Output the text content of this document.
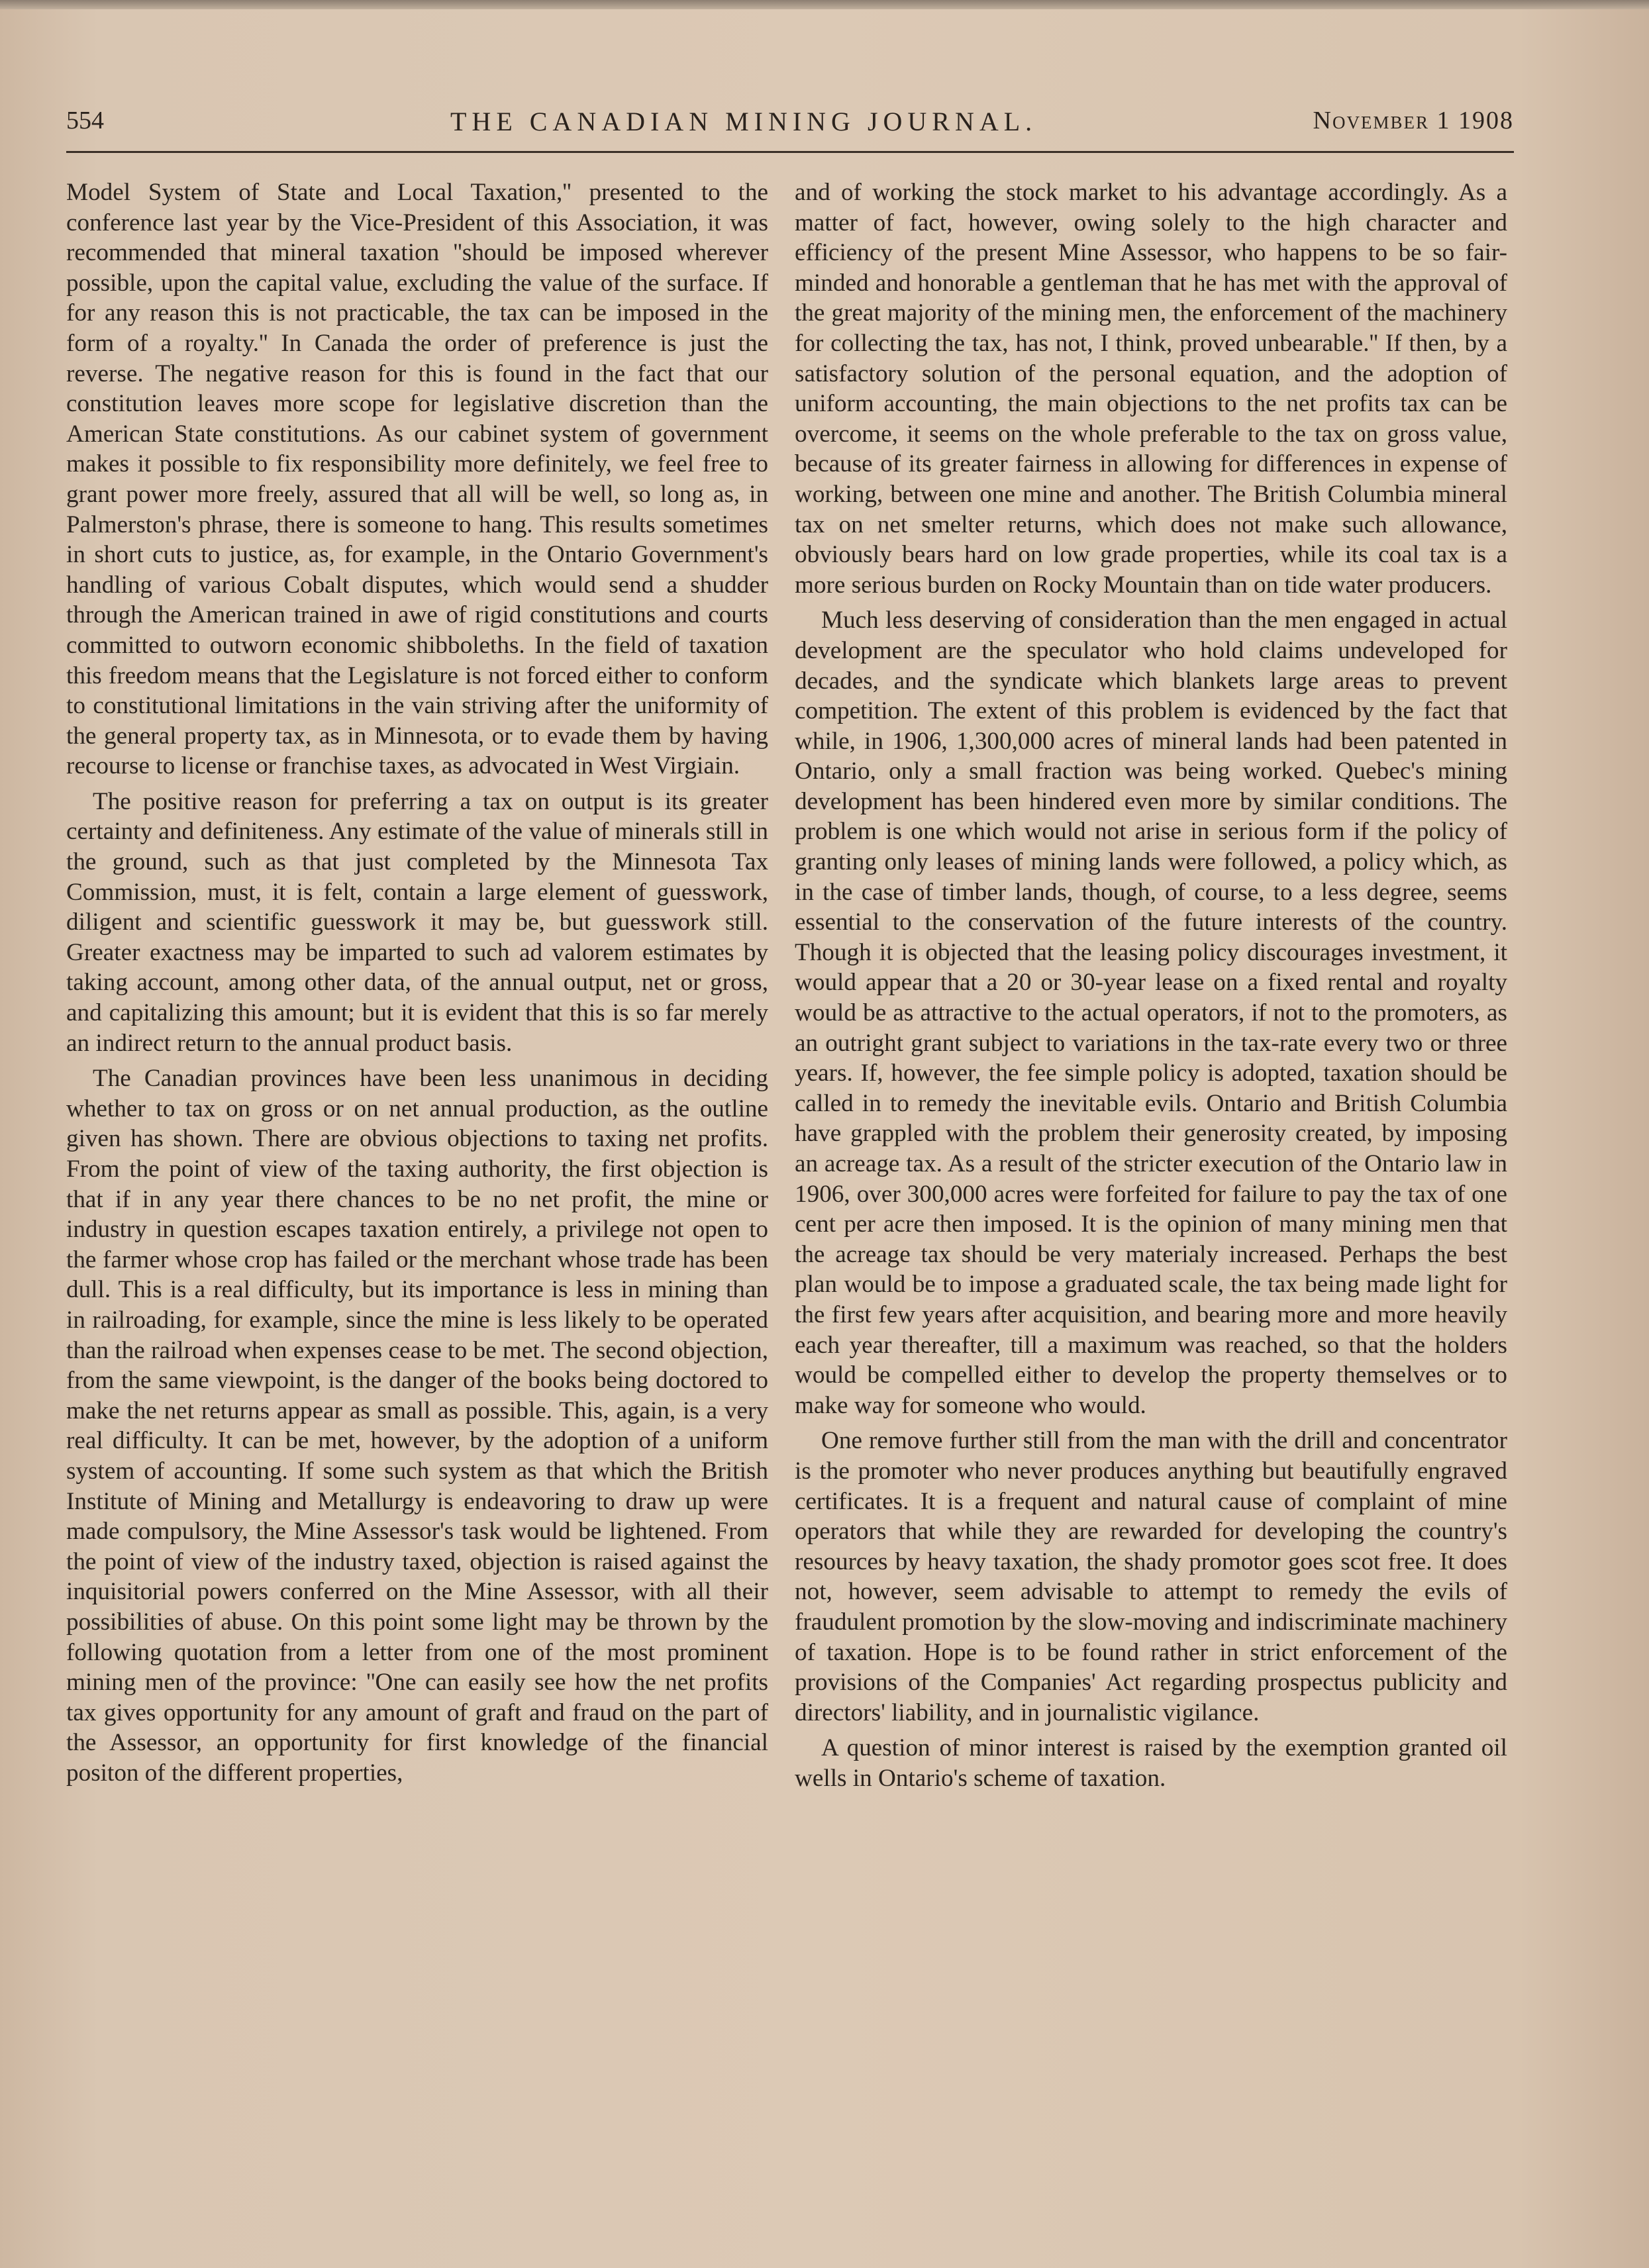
554	THE CANADIAN MINING JOURNAL.	November 1 1908

Model System of State and Local Taxation,'' presented to the conference last year by the Vice-President of this Association, it was recommended that mineral taxation ''should be imposed wherever possible, upon the capital value, excluding the value of the surface. If for any reason this is not practicable, the tax can be imposed in the form of a royalty.'' In Canada the order of preference is just the reverse. The negative reason for this is found in the fact that our constitution leaves more scope for legislative discretion than the American State constitutions. As our cabinet system of government makes it possible to fix responsibility more definitely, we feel free to grant power more freely, assured that all will be well, so long as, in Palmerston's phrase, there is someone to hang. This results sometimes in short cuts to justice, as, for example, in the Ontario Government's handling of various Cobalt disputes, which would send a shudder through the American trained in awe of rigid constitutions and courts committed to outworn economic shibboleths. In the field of taxation this freedom means that the Legislature is not forced either to conform to constitutional limitations in the vain striving after the uniformity of the general property tax, as in Minnesota, or to evade them by having recourse to license or franchise taxes, as advocated in West Virgiain.

The positive reason for preferring a tax on output is its greater certainty and definiteness. Any estimate of the value of minerals still in the ground, such as that just completed by the Minnesota Tax Commission, must, it is felt, contain a large element of guesswork, diligent and scientific guesswork it may be, but guesswork still. Greater exactness may be imparted to such ad valorem estimates by taking account, among other data, of the annual output, net or gross, and capitalizing this amount; but it is evident that this is so far merely an indirect return to the annual product basis.

The Canadian provinces have been less unanimous in deciding whether to tax on gross or on net annual production, as the outline given has shown. There are obvious objections to taxing net profits. From the point of view of the taxing authority, the first objection is that if in any year there chances to be no net profit, the mine or industry in question escapes taxation entirely, a privilege not open to the farmer whose crop has failed or the merchant whose trade has been dull. This is a real difficulty, but its importance is less in mining than in railroading, for example, since the mine is less likely to be operated than the railroad when expenses cease to be met. The second objection, from the same viewpoint, is the danger of the books being doctored to make the net returns appear as small as possible. This, again, is a very real difficulty. It can be met, however, by the adoption of a uniform system of accounting. If some such system as that which the British Institute of Mining and Metallurgy is endeavoring to draw up were made compulsory, the Mine Assessor's task would be lightened. From the point of view of the industry taxed, objection is raised against the inquisitorial powers conferred on the Mine Assessor, with all their possibilities of abuse. On this point some light may be thrown by the following quotation from a letter from one of the most prominent mining men of the province: ''One can easily see how the net profits tax gives opportunity for any amount of graft and fraud on the part of the Assessor, an opportunity for first knowledge of the financial positon of the different properties,

and of working the stock market to his advantage accordingly. As a matter of fact, however, owing solely to the high character and efficiency of the present Mine Assessor, who happens to be so fair-minded and honorable a gentleman that he has met with the approval of the great majority of the mining men, the enforcement of the machinery for collecting the tax, has not, I think, proved unbearable.'' If then, by a satisfactory solution of the personal equation, and the adoption of uniform accounting, the main objections to the net profits tax can be overcome, it seems on the whole preferable to the tax on gross value, because of its greater fairness in allowing for differences in expense of working, between one mine and another. The British Columbia mineral tax on net smelter returns, which does not make such allowance, obviously bears hard on low grade properties, while its coal tax is a more serious burden on Rocky Mountain than on tide water producers.

Much less deserving of consideration than the men engaged in actual development are the speculator who hold claims undeveloped for decades, and the syndicate which blankets large areas to prevent competition. The extent of this problem is evidenced by the fact that while, in 1906, 1,300,000 acres of mineral lands had been patented in Ontario, only a small fraction was being worked. Quebec's mining development has been hindered even more by similar conditions. The problem is one which would not arise in serious form if the policy of granting only leases of mining lands were followed, a policy which, as in the case of timber lands, though, of course, to a less degree, seems essential to the conservation of the future interests of the country. Though it is objected that the leasing policy discourages investment, it would appear that a 20 or 30-year lease on a fixed rental and royalty would be as attractive to the actual operators, if not to the promoters, as an outright grant subject to variations in the tax-rate every two or three years. If, however, the fee simple policy is adopted, taxation should be called in to remedy the inevitable evils. Ontario and British Columbia have grappled with the problem their generosity created, by imposing an acreage tax. As a result of the stricter execution of the Ontario law in 1906, over 300,000 acres were forfeited for failure to pay the tax of one cent per acre then imposed. It is the opinion of many mining men that the acreage tax should be very materialy increased. Perhaps the best plan would be to impose a graduated scale, the tax being made light for the first few years after acquisition, and bearing more and more heavily each year thereafter, till a maximum was reached, so that the holders would be compelled either to develop the property themselves or to make way for someone who would.

One remove further still from the man with the drill and concentrator is the promoter who never produces anything but beautifully engraved certificates. It is a frequent and natural cause of complaint of mine operators that while they are rewarded for developing the country's resources by heavy taxation, the shady promotor goes scot free. It does not, however, seem advisable to attempt to remedy the evils of fraudulent promotion by the slow-moving and indiscriminate machinery of taxation. Hope is to be found rather in strict enforcement of the provisions of the Companies' Act regarding prospectus publicity and directors' liability, and in journalistic vigilance.

A question of minor interest is raised by the exemption granted oil wells in Ontario's scheme of taxation.
